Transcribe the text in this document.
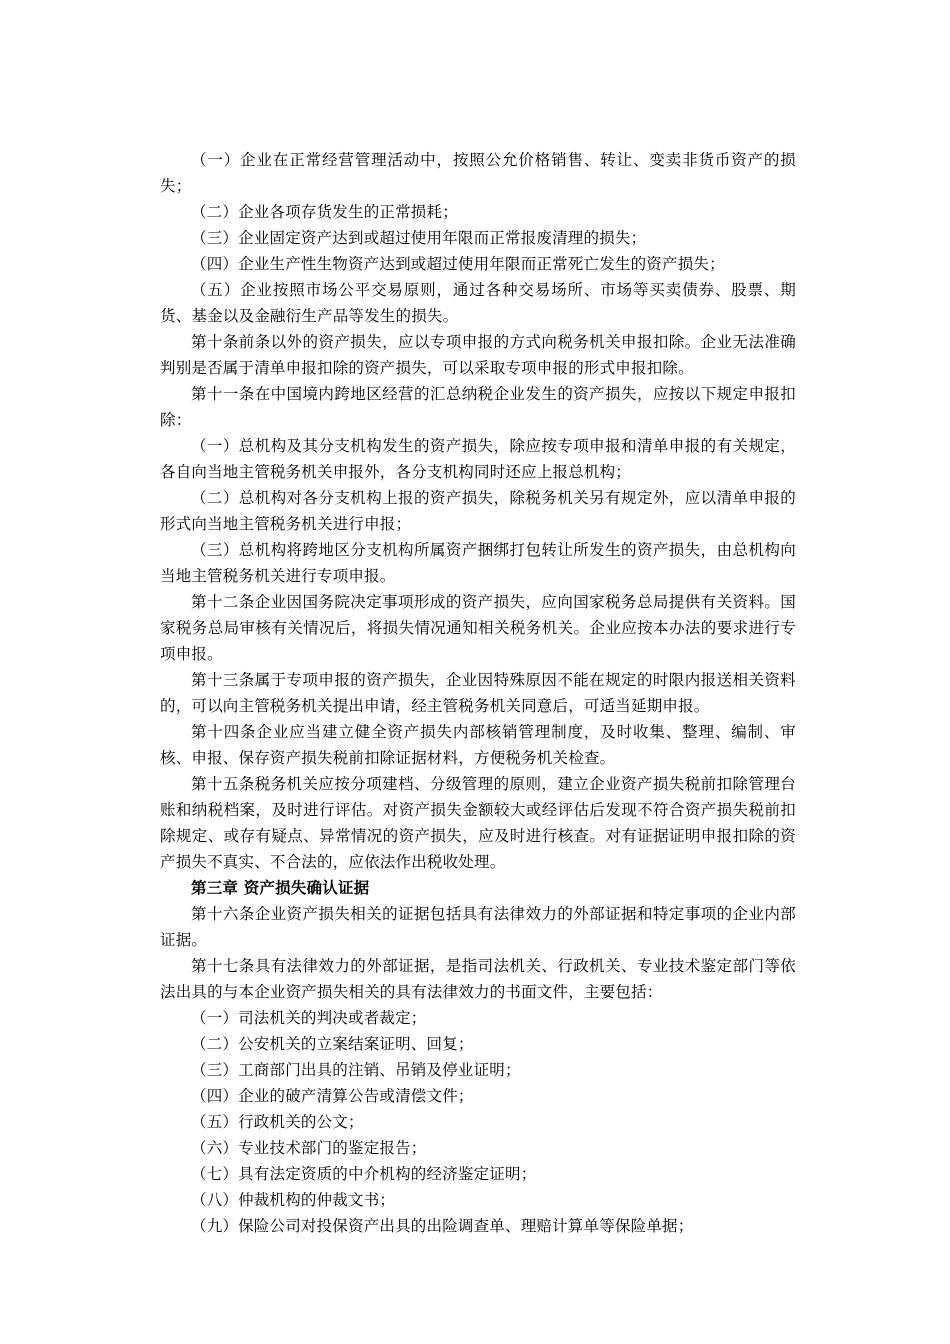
（一）企业在正常经营管理活动中，按照公允价格销售、转让、变卖非货币资产的损失；

（二）企业各项存货发生的正常损耗；

（三）企业固定资产达到或超过使用年限而正常报废清理的损失；

（四）企业生产性生物资产达到或超过使用年限而正常死亡发生的资产损失；

（五）企业按照市场公平交易原则，通过各种交易场所、市场等买卖债券、股票、期货、基金以及金融衍生产品等发生的损失。

第十条前条以外的资产损失，应以专项申报的方式向税务机关申报扣除。企业无法准确判别是否属于清单申报扣除的资产损失，可以采取专项申报的形式申报扣除。

第十一条在中国境内跨地区经营的汇总纳税企业发生的资产损失，应按以下规定申报扣除：

（一）总机构及其分支机构发生的资产损失，除应按专项申报和清单申报的有关规定，各自向当地主管税务机关申报外，各分支机构同时还应上报总机构；

（二）总机构对各分支机构上报的资产损失，除税务机关另有规定外，应以清单申报的形式向当地主管税务机关进行申报；

（三）总机构将跨地区分支机构所属资产捆绑打包转让所发生的资产损失，由总机构向当地主管税务机关进行专项申报。

第十二条企业因国务院决定事项形成的资产损失，应向国家税务总局提供有关资料。国家税务总局审核有关情况后，将损失情况通知相关税务机关。企业应按本办法的要求进行专项申报。

第十三条属于专项申报的资产损失，企业因特殊原因不能在规定的时限内报送相关资料的，可以向主管税务机关提出申请，经主管税务机关同意后，可适当延期申报。

第十四条企业应当建立健全资产损失内部核销管理制度，及时收集、整理、编制、审核、申报、保存资产损失税前扣除证据材料，方便税务机关检查。

第十五条税务机关应按分项建档、分级管理的原则，建立企业资产损失税前扣除管理台账和纳税档案，及时进行评估。对资产损失金额较大或经评估后发现不符合资产损失税前扣除规定、或存有疑点、异常情况的资产损失，应及时进行核查。对有证据证明申报扣除的资产损失不真实、不合法的，应依法作出税收处理。

第三章 资产损失确认证据

第十六条企业资产损失相关的证据包括具有法律效力的外部证据和特定事项的企业内部证据。

第十七条具有法律效力的外部证据，是指司法机关、行政机关、专业技术鉴定部门等依法出具的与本企业资产损失相关的具有法律效力的书面文件，主要包括：

（一）司法机关的判决或者裁定；

（二）公安机关的立案结案证明、回复；

（三）工商部门出具的注销、吊销及停业证明；

（四）企业的破产清算公告或清偿文件；

（五）行政机关的公文；

（六）专业技术部门的鉴定报告；

（七）具有法定资质的中介机构的经济鉴定证明；

（八）仲裁机构的仲裁文书；

（九）保险公司对投保资产出具的出险调查单、理赔计算单等保险单据；
